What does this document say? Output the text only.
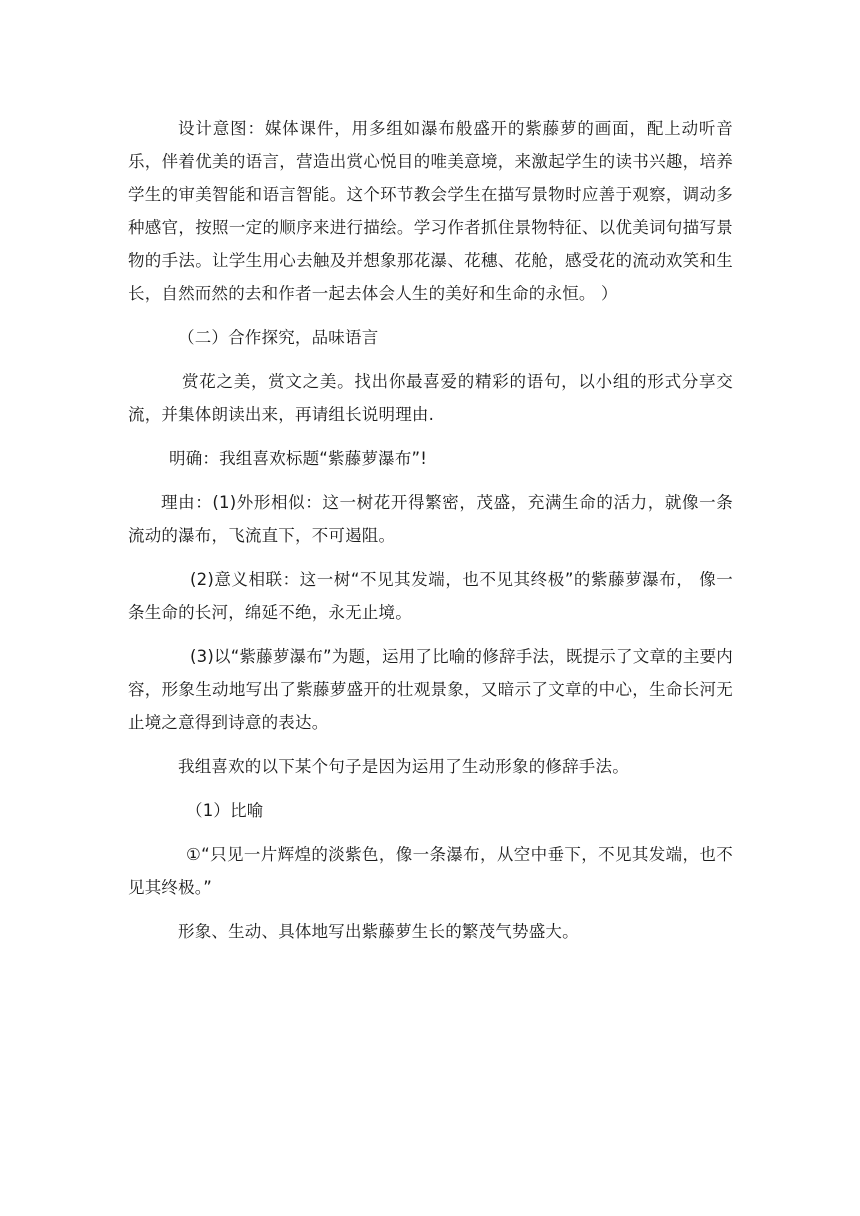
设计意图：媒体课件，用多组如瀑布般盛开的紫藤萝的画面，配上动听音乐，伴着优美的语言，营造出赏心悦目的唯美意境，来激起学生的读书兴趣，培养学生的审美智能和语言智能。这个环节教会学生在描写景物时应善于观察，调动多种感官，按照一定的顺序来进行描绘。学习作者抓住景物特征、以优美词句描写景物的手法。让学生用心去触及并想象那花瀑、花穗、花舱，感受花的流动欢笑和生长，自然而然的去和作者一起去体会人生的美好和生命的永恒。 ）

（二）合作探究，品味语言

赏花之美，赏文之美。找出你最喜爱的精彩的语句，以小组的形式分享交流，并集体朗读出来，再请组长说明理由.

明确：我组喜欢标题“紫藤萝瀑布”!

理由：(1)外形相似：这一树花开得繁密，茂盛，充满生命的活力，就像一条流动的瀑布，飞流直下，不可遏阻。

(2)意义相联：这一树“不见其发端，也不见其终极”的紫藤萝瀑布， 像一条生命的长河，绵延不绝，永无止境。

(3)以“紫藤萝瀑布”为题，运用了比喻的修辞手法，既提示了文章的主要内容，形象生动地写出了紫藤萝盛开的壮观景象，又暗示了文章的中心，生命长河无止境之意得到诗意的表达。

我组喜欢的以下某个句子是因为运用了生动形象的修辞手法。

（1）比喻

①“只见一片辉煌的淡紫色，像一条瀑布，从空中垂下，不见其发端，也不见其终极。”

形象、生动、具体地写出紫藤萝生长的繁茂气势盛大。
